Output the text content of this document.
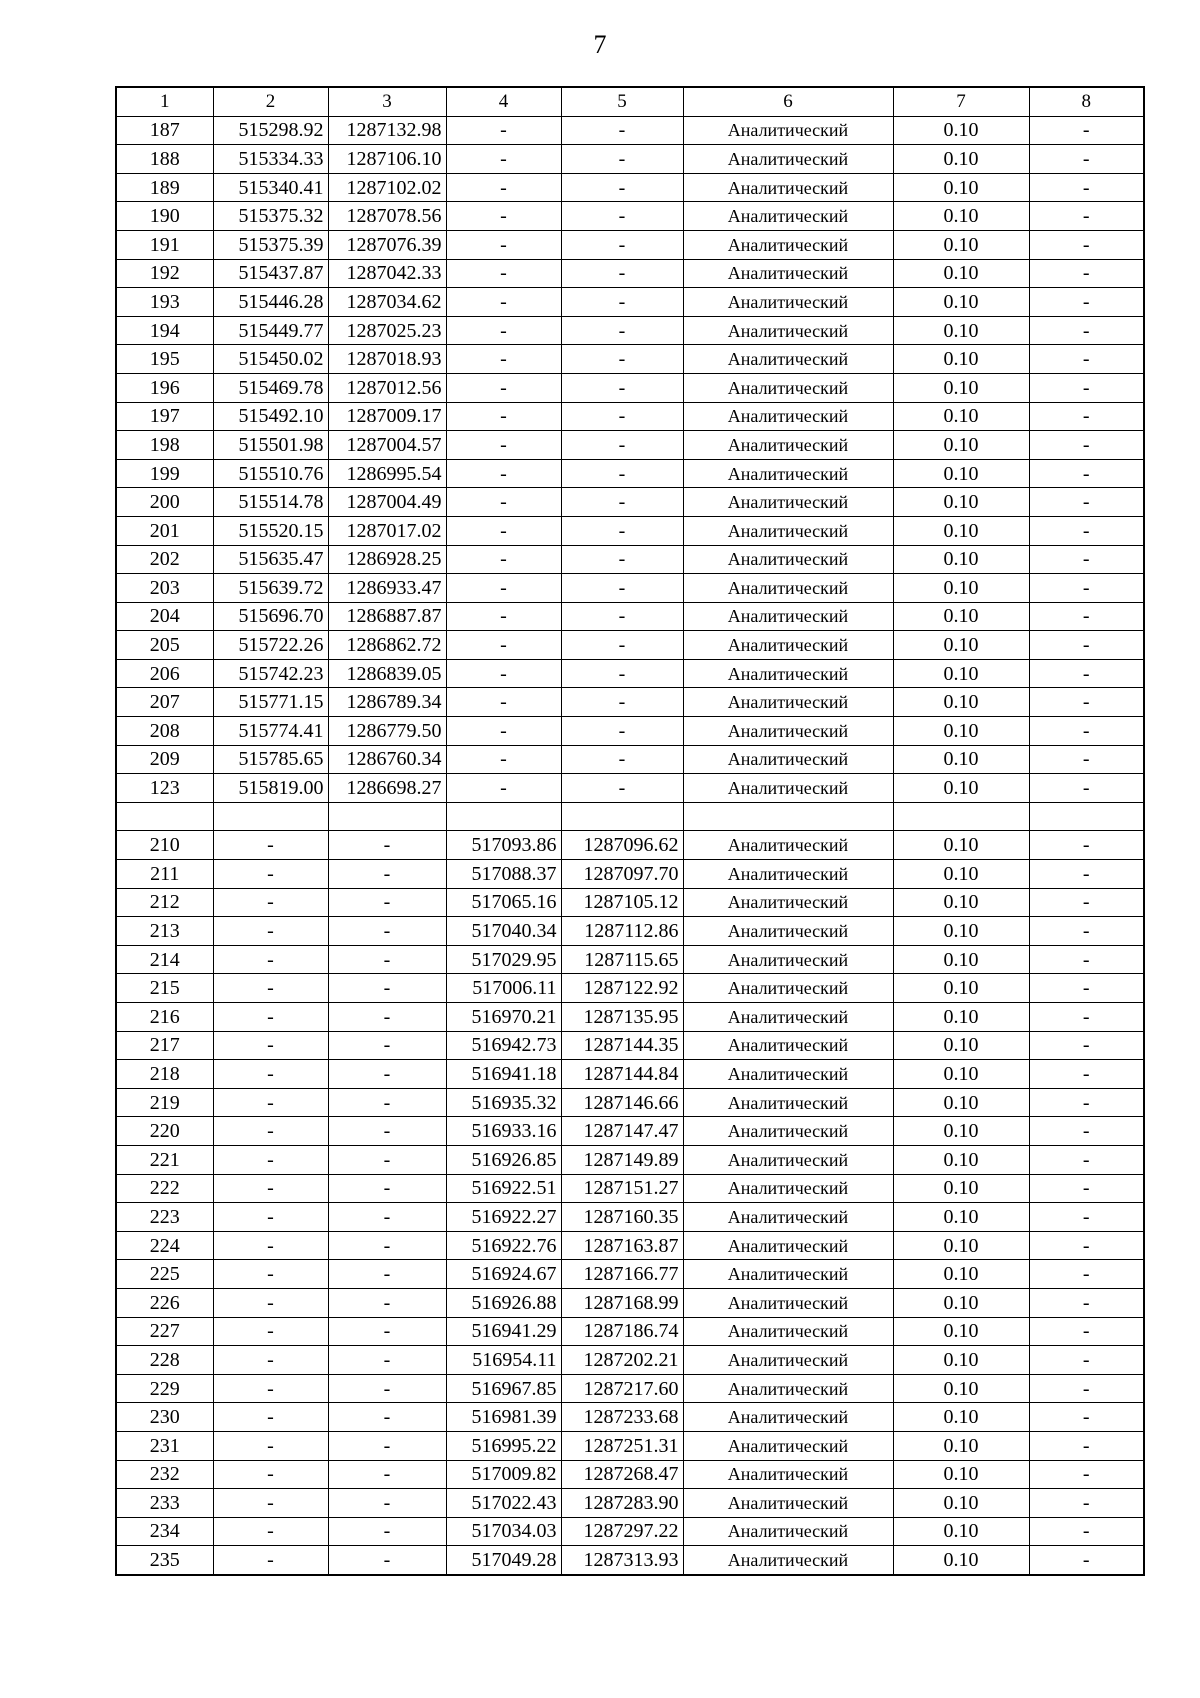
7
1	2	3	4	5	6	7	8
187	515298.92	1287132.98	-	-	Аналитический	0.10	-
188	515334.33	1287106.10	-	-	Аналитический	0.10	-
189	515340.41	1287102.02	-	-	Аналитический	0.10	-
190	515375.32	1287078.56	-	-	Аналитический	0.10	-
191	515375.39	1287076.39	-	-	Аналитический	0.10	-
192	515437.87	1287042.33	-	-	Аналитический	0.10	-
193	515446.28	1287034.62	-	-	Аналитический	0.10	-
194	515449.77	1287025.23	-	-	Аналитический	0.10	-
195	515450.02	1287018.93	-	-	Аналитический	0.10	-
196	515469.78	1287012.56	-	-	Аналитический	0.10	-
197	515492.10	1287009.17	-	-	Аналитический	0.10	-
198	515501.98	1287004.57	-	-	Аналитический	0.10	-
199	515510.76	1286995.54	-	-	Аналитический	0.10	-
200	515514.78	1287004.49	-	-	Аналитический	0.10	-
201	515520.15	1287017.02	-	-	Аналитический	0.10	-
202	515635.47	1286928.25	-	-	Аналитический	0.10	-
203	515639.72	1286933.47	-	-	Аналитический	0.10	-
204	515696.70	1286887.87	-	-	Аналитический	0.10	-
205	515722.26	1286862.72	-	-	Аналитический	0.10	-
206	515742.23	1286839.05	-	-	Аналитический	0.10	-
207	515771.15	1286789.34	-	-	Аналитический	0.10	-
208	515774.41	1286779.50	-	-	Аналитический	0.10	-
209	515785.65	1286760.34	-	-	Аналитический	0.10	-
123	515819.00	1286698.27	-	-	Аналитический	0.10	-

210	-	-	517093.86	1287096.62	Аналитический	0.10	-
211	-	-	517088.37	1287097.70	Аналитический	0.10	-
212	-	-	517065.16	1287105.12	Аналитический	0.10	-
213	-	-	517040.34	1287112.86	Аналитический	0.10	-
214	-	-	517029.95	1287115.65	Аналитический	0.10	-
215	-	-	517006.11	1287122.92	Аналитический	0.10	-
216	-	-	516970.21	1287135.95	Аналитический	0.10	-
217	-	-	516942.73	1287144.35	Аналитический	0.10	-
218	-	-	516941.18	1287144.84	Аналитический	0.10	-
219	-	-	516935.32	1287146.66	Аналитический	0.10	-
220	-	-	516933.16	1287147.47	Аналитический	0.10	-
221	-	-	516926.85	1287149.89	Аналитический	0.10	-
222	-	-	516922.51	1287151.27	Аналитический	0.10	-
223	-	-	516922.27	1287160.35	Аналитический	0.10	-
224	-	-	516922.76	1287163.87	Аналитический	0.10	-
225	-	-	516924.67	1287166.77	Аналитический	0.10	-
226	-	-	516926.88	1287168.99	Аналитический	0.10	-
227	-	-	516941.29	1287186.74	Аналитический	0.10	-
228	-	-	516954.11	1287202.21	Аналитический	0.10	-
229	-	-	516967.85	1287217.60	Аналитический	0.10	-
230	-	-	516981.39	1287233.68	Аналитический	0.10	-
231	-	-	516995.22	1287251.31	Аналитический	0.10	-
232	-	-	517009.82	1287268.47	Аналитический	0.10	-
233	-	-	517022.43	1287283.90	Аналитический	0.10	-
234	-	-	517034.03	1287297.22	Аналитический	0.10	-
235	-	-	517049.28	1287313.93	Аналитический	0.10	-
